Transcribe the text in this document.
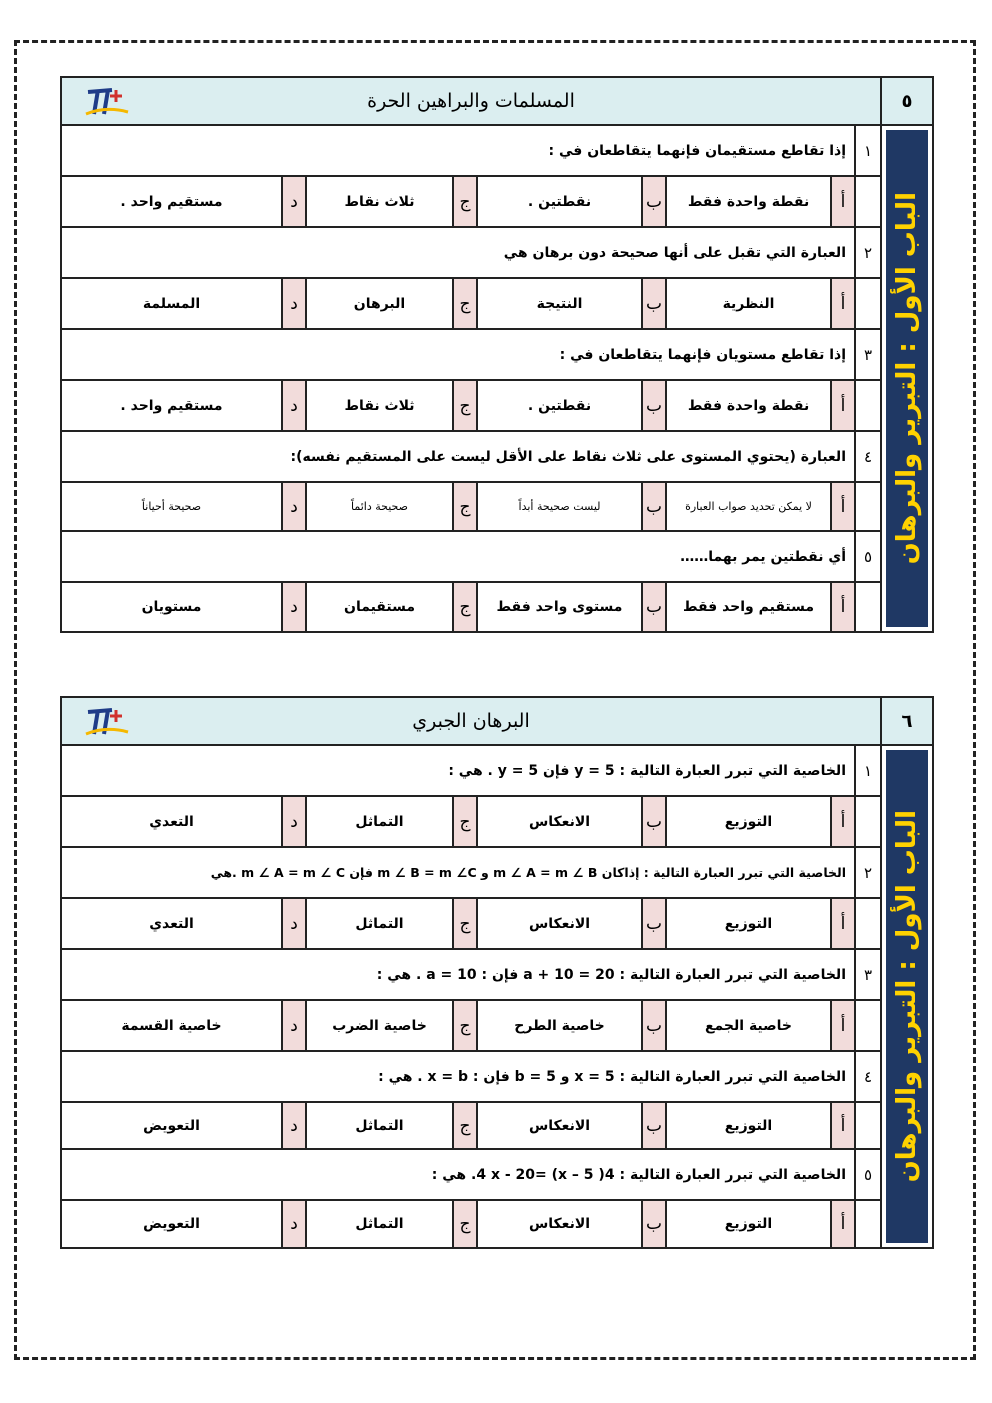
٥
الباب الأول : التبرير والبرهان
المسلمات والبراهين الحرة
١
إذا تقاطع مستقيمان فإنهما يتقاطعان في :
أ
نقطة واحدة فقط
ب
نقطتين .
ج
ثلاث نقاط
د
مستقيم واحد .
٢
العبارة التي تقبل على أنها صحيحة دون برهان هي
أ
النظرية
ب
النتيجة
ج
البرهان
د
المسلمة
٣
إذا تقاطع مستويان فإنهما يتقاطعان في :
أ
نقطة واحدة فقط
ب
نقطتين .
ج
ثلاث نقاط
د
مستقيم واحد .
٤
العبارة (يحتوي المستوى على ثلاث نقاط على الأقل ليست على المستقيم نفسه):
أ
لا يمكن تحديد صواب العبارة
ب
ليست صحيحة أبداً
ج
صحيحة دائماً
د
صحيحة أحياناً
٥
أي نقطتين يمر بهما……
أ
مستقيم واحد فقط
ب
مستوى واحد فقط
ج
مستقيمان
د
مستويان
٦
الباب الأول : التبرير والبرهان
البرهان الجبري
١
الخاصية التي تبرر العبارة التالية : y = 5 فإن y = 5 . هي :
أ
التوزيع
ب
الانعكاس
ج
التماثل
د
التعدي
٢
الخاصية التي تبرر العبارة التالية : إذاكان m ∠ A = m ∠ B و m ∠ B = m ∠C فإن m ∠ A = m ∠ C .هي
أ
التوزيع
ب
الانعكاس
ج
التماثل
د
التعدي
٣
الخاصية التي تبرر العبارة التالية : a + 10 = 20 فإن : a = 10 . هي :
أ
خاصية الجمع
ب
خاصية الطرح
ج
خاصية الضرب
د
خاصية القسمة
٤
الخاصية التي تبرر العبارة التالية : x = 5 و b = 5 فإن : x = b . هي :
أ
التوزيع
ب
الانعكاس
ج
التماثل
د
التعويض
٥
الخاصية التي تبرر العبارة التالية : 4( x – 5) =4 x - 20. هي :
أ
التوزيع
ب
الانعكاس
ج
التماثل
د
التعويض
